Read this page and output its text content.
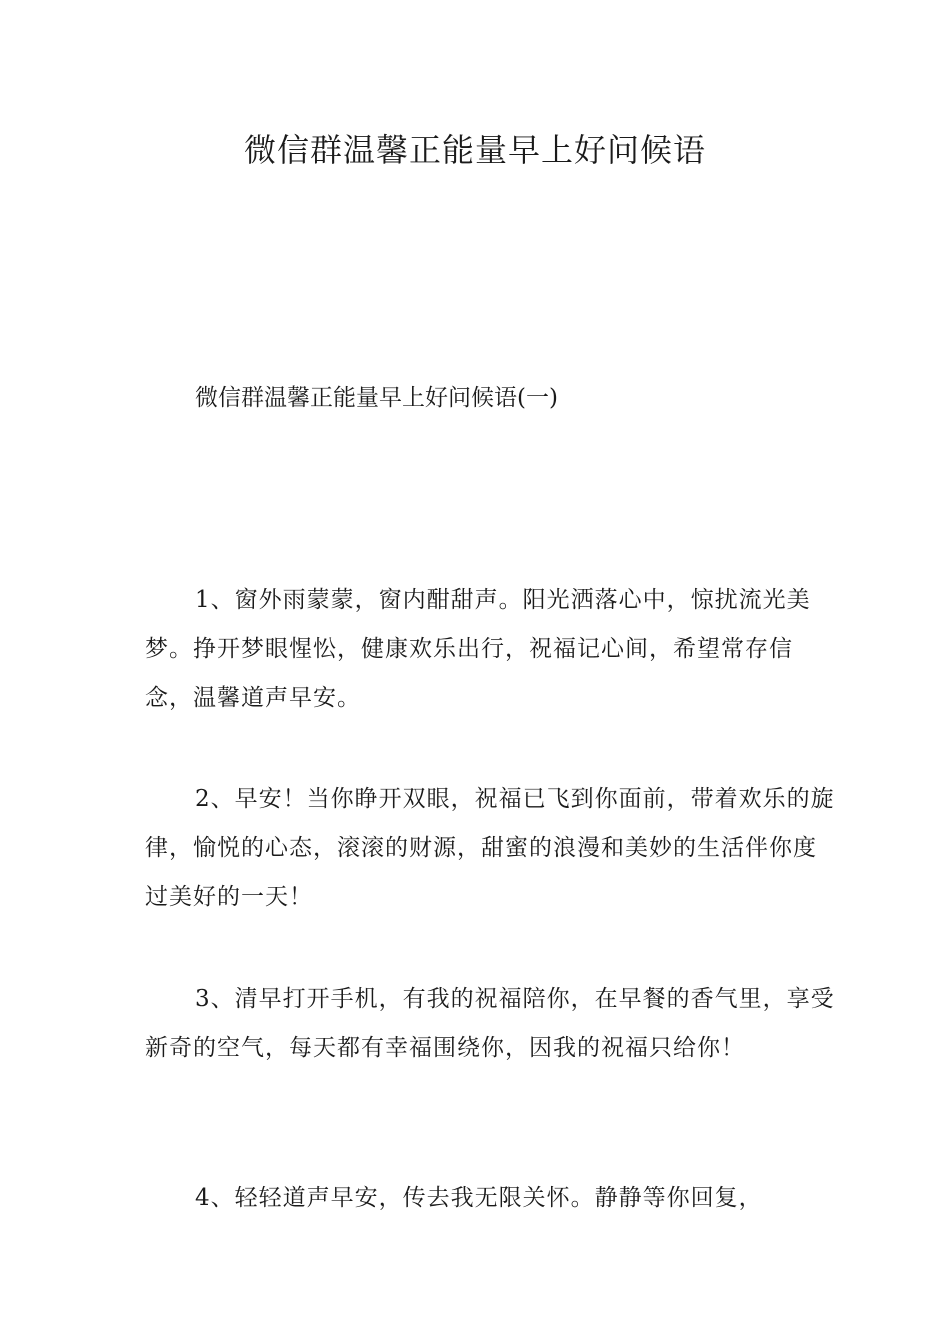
微信群温馨正能量早上好问候语
微信群温馨正能量早上好问候语(一)

1、窗外雨蒙蒙，窗内酣甜声。阳光洒落心中，惊扰流光美梦。挣开梦眼惺忪，健康欢乐出行，祝福记心间，希望常存信念，温馨道声早安。

2、早安！当你睁开双眼，祝福已飞到你面前，带着欢乐的旋律，愉悦的心态，滚滚的财源，甜蜜的浪漫和美妙的生活伴你度过美好的一天！

3、清早打开手机，有我的祝福陪你，在早餐的香气里，享受新奇的空气，每天都有幸福围绕你，因我的祝福只给你！

4、轻轻道声早安，传去我无限关怀。静静等你回复，
